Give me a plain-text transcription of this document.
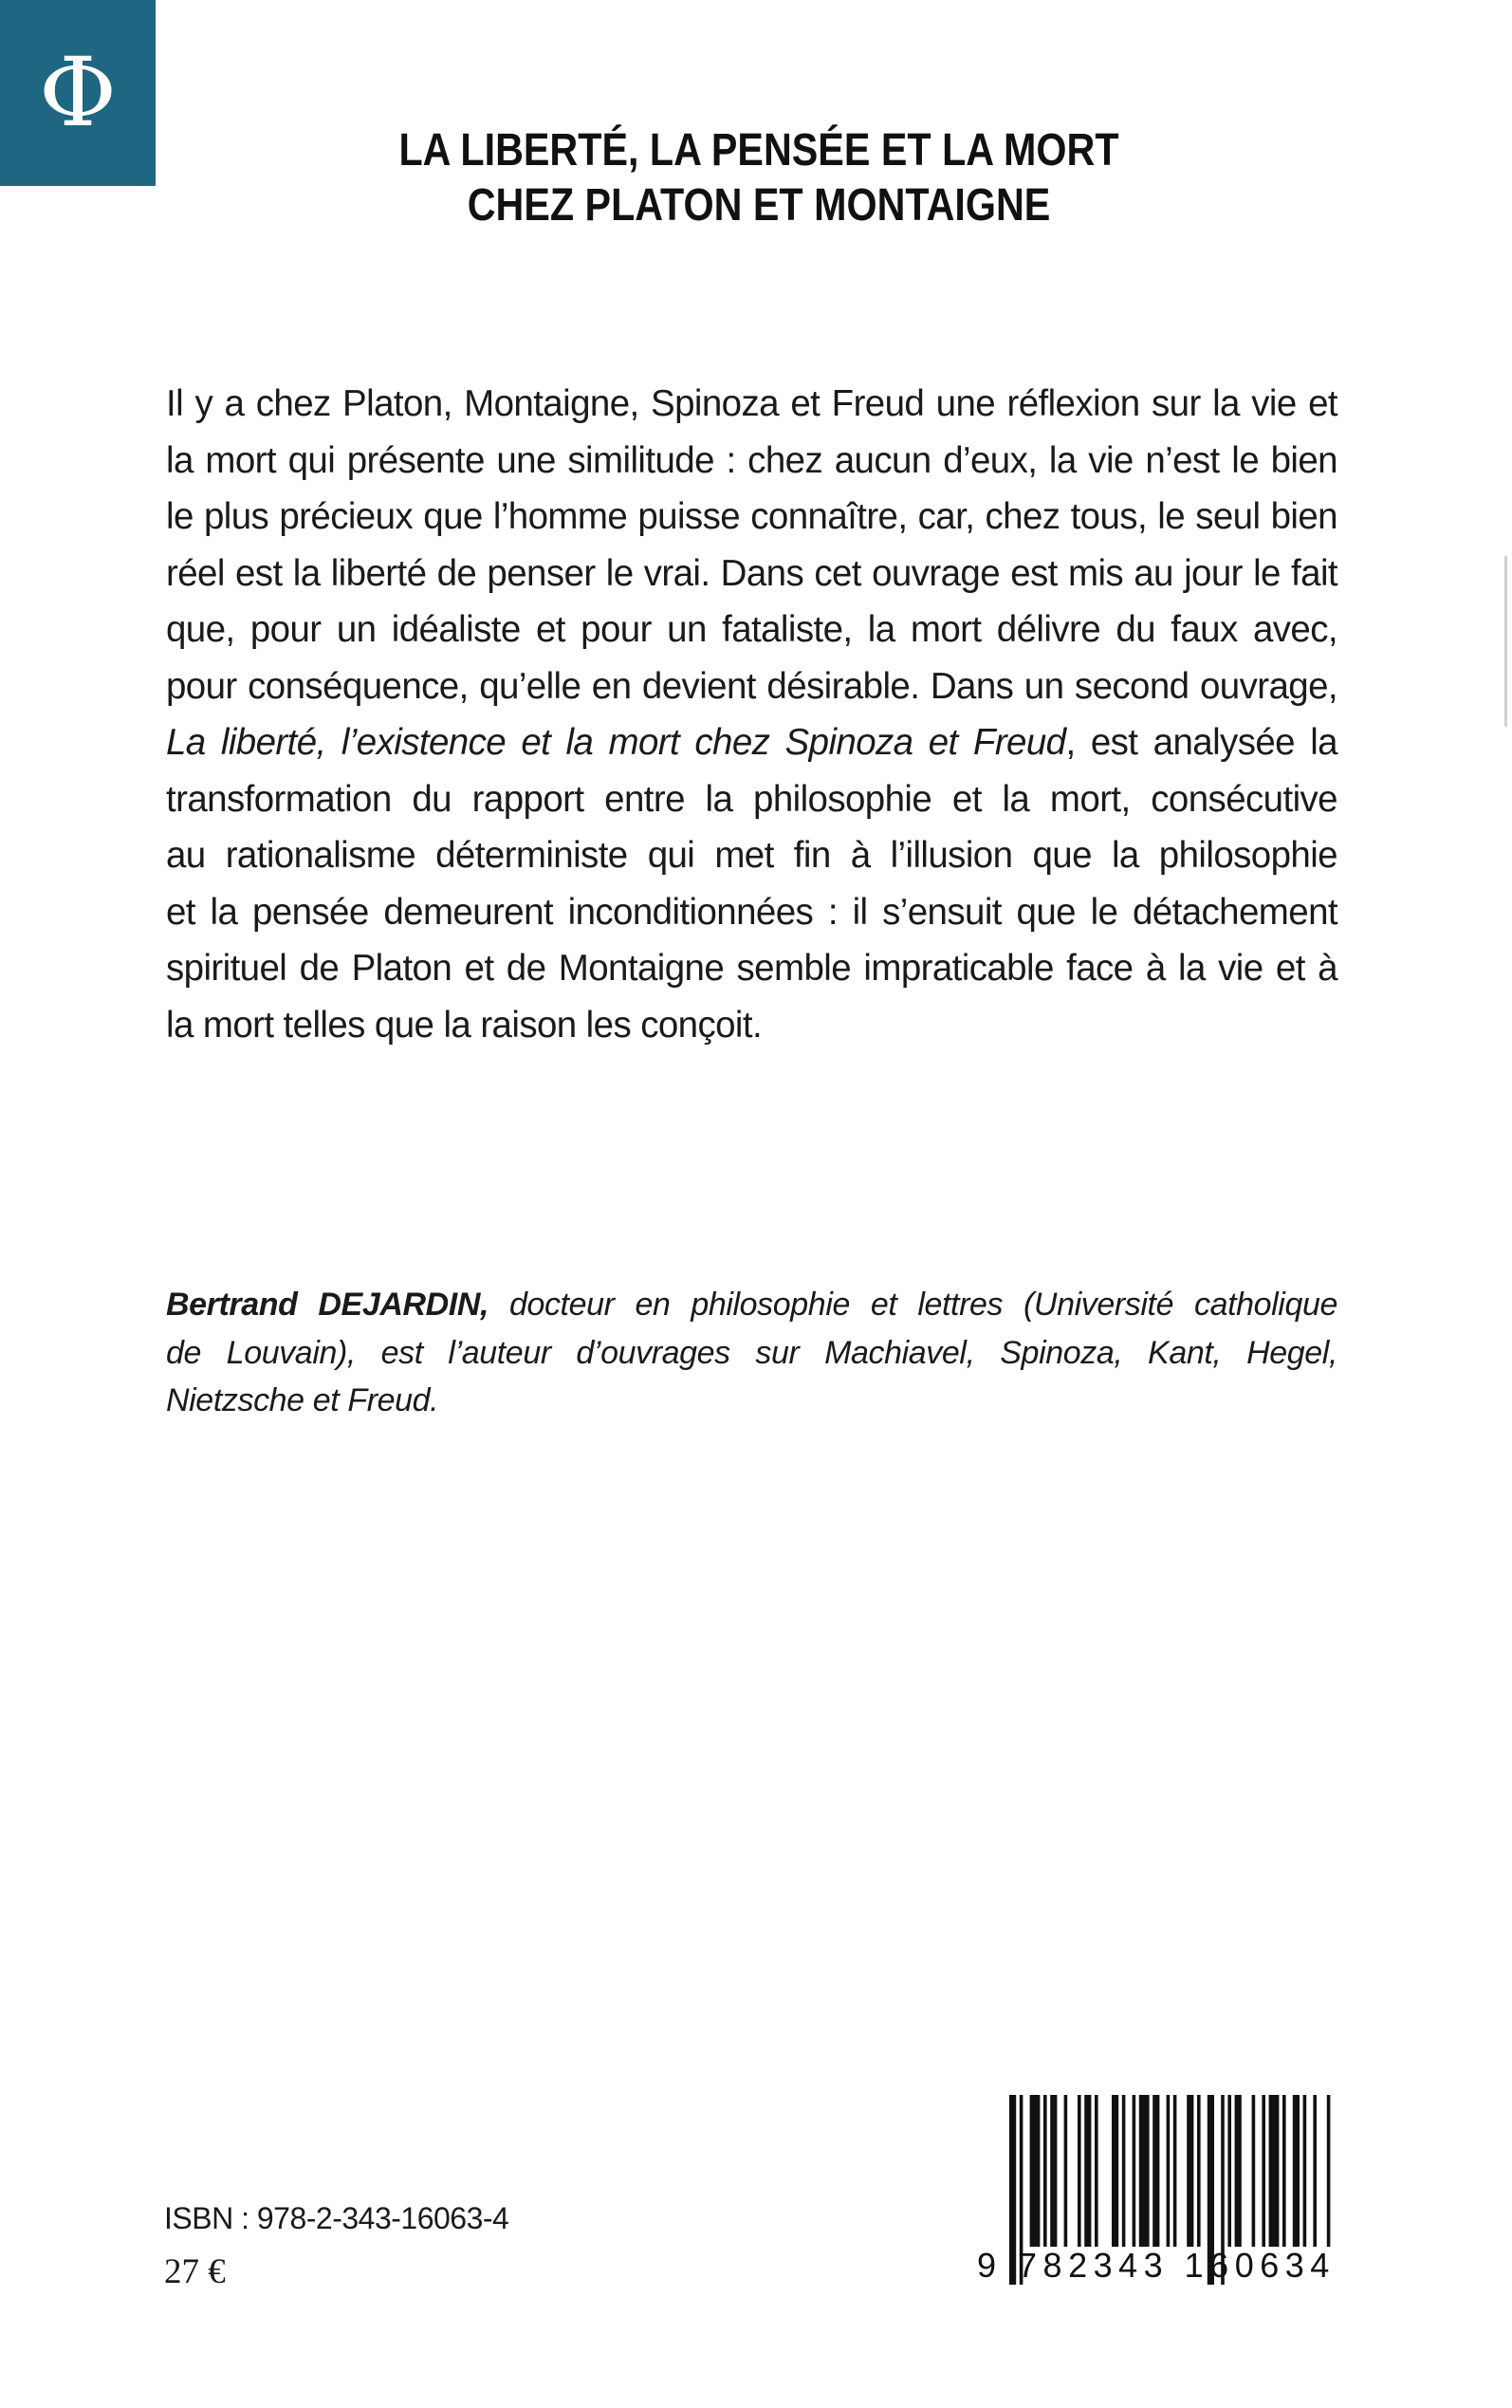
Φ
LA LIBERTÉ, LA PENSÉE ET LA MORT
CHEZ PLATON ET MONTAIGNE
Il y a chez Platon, Montaigne, Spinoza et Freud une réflexion sur la vie et
la mort qui présente une similitude : chez aucun d’eux, la vie n’est le bien
le plus précieux que l’homme puisse connaître, car, chez tous, le seul bien
réel est la liberté de penser le vrai. Dans cet ouvrage est mis au jour le fait
que, pour un idéaliste et pour un fataliste, la mort délivre du faux avec,
pour conséquence, qu’elle en devient désirable. Dans un second ouvrage,
La liberté, l’existence et la mort chez Spinoza et Freud, est analysée la
transformation du rapport entre la philosophie et la mort, consécutive
au rationalisme déterministe qui met fin à l’illusion que la philosophie
et la pensée demeurent inconditionnées : il s’ensuit que le détachement
spirituel de Platon et de Montaigne semble impraticable face à la vie et à
la mort telles que la raison les conçoit.
Bertrand DEJARDIN, docteur en philosophie et lettres (Université catholique
de Louvain), est l’auteur d’ouvrages sur Machiavel, Spinoza, Kant, Hegel,
Nietzsche et Freud.
ISBN : 978-2-343-16063-4
27 €	9 782343 160634
